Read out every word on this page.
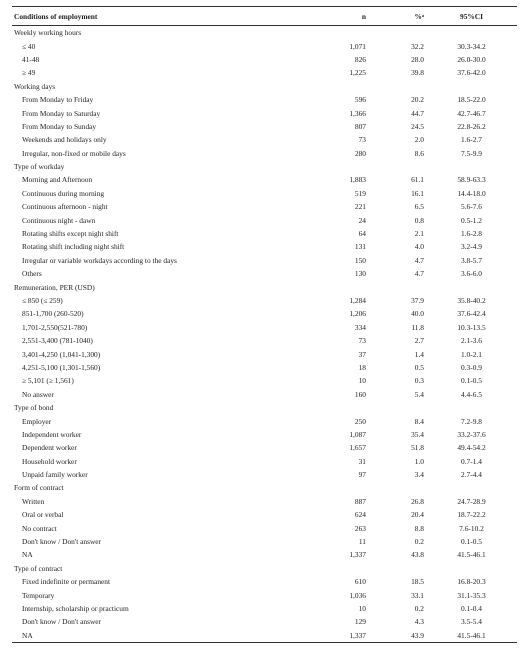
Conditions of employment	n	%ᵃ	95%CI
Weekly working hours			
≤ 40	1,071	32.2	30.3-34.2
41-48	826	28.0	26.0-30.0
≥ 49	1,225	39.8	37.6-42.0
Working days			
From Monday to Friday	596	20.2	18.5-22.0
From Monday to Saturday	1,366	44.7	42.7-46.7
From Monday to Sunday	807	24.5	22.8-26.2
Weekends and holidays only	73	2.0	1.6-2.7
Irregular, non-fixed or mobile days	280	8.6	7.5-9.9
Type of workday			
Morning and Afternoon	1,883	61.1	58.9-63.3
Continuous during morning	519	16.1	14.4-18.0
Continuous afternoon - night	221	6.5	5.6-7.6
Continuous night - dawn	24	0.8	0.5-1.2
Rotating shifts except night shift	64	2.1	1.6-2.8
Rotating shift including night shift	131	4.0	3.2-4.9
Irregular or variable workdays according to the days	150	4.7	3.8-5.7
Others	130	4.7	3.6-6.0
Remuneration, PER (USD)			
≤ 850 (≤ 259)	1,284	37.9	35.8-40.2
851-1,700 (260-520)	1,206	40.0	37.6-42.4
1,701-2,550(521-780)	334	11.8	10.3-13.5
2,551-3,400 (781-1040)	73	2.7	2.1-3.6
3,401-4,250 (1,041-1,300)	37	1.4	1.0-2.1
4,251-5,100 (1,301-1,560)	18	0.5	0.3-0.9
≥ 5,101 (≥ 1,561)	10	0.3	0.1-0.5
No answer	160	5.4	4.4-6.5
Type of bond			
Employer	250	8.4	7.2-9.8
Independent worker	1,087	35.4	33.2-37.6
Dependent worker	1,657	51.8	49.4-54.2
Household worker	31	1.0	0.7-1.4
Unpaid family worker	97	3.4	2.7-4.4
Form of contract			
Written	887	26.8	24.7-28.9
Oral or verbal	624	20.4	18.7-22.2
No contract	263	8.8	7.6-10.2
Don't know / Don't answer	11	0.2	0.1-0.5
NA	1,337	43.8	41.5-46.1
Type of contract			
Fixed indefinite or permanent	610	18.5	16.8-20.3
Temporary	1,036	33.1	31.1-35.3
Internship, scholarship or practicum	10	0.2	0.1-0.4
Don't know / Don't answer	129	4.3	3.5-5.4
NA	1,337	43.9	41.5-46.1
